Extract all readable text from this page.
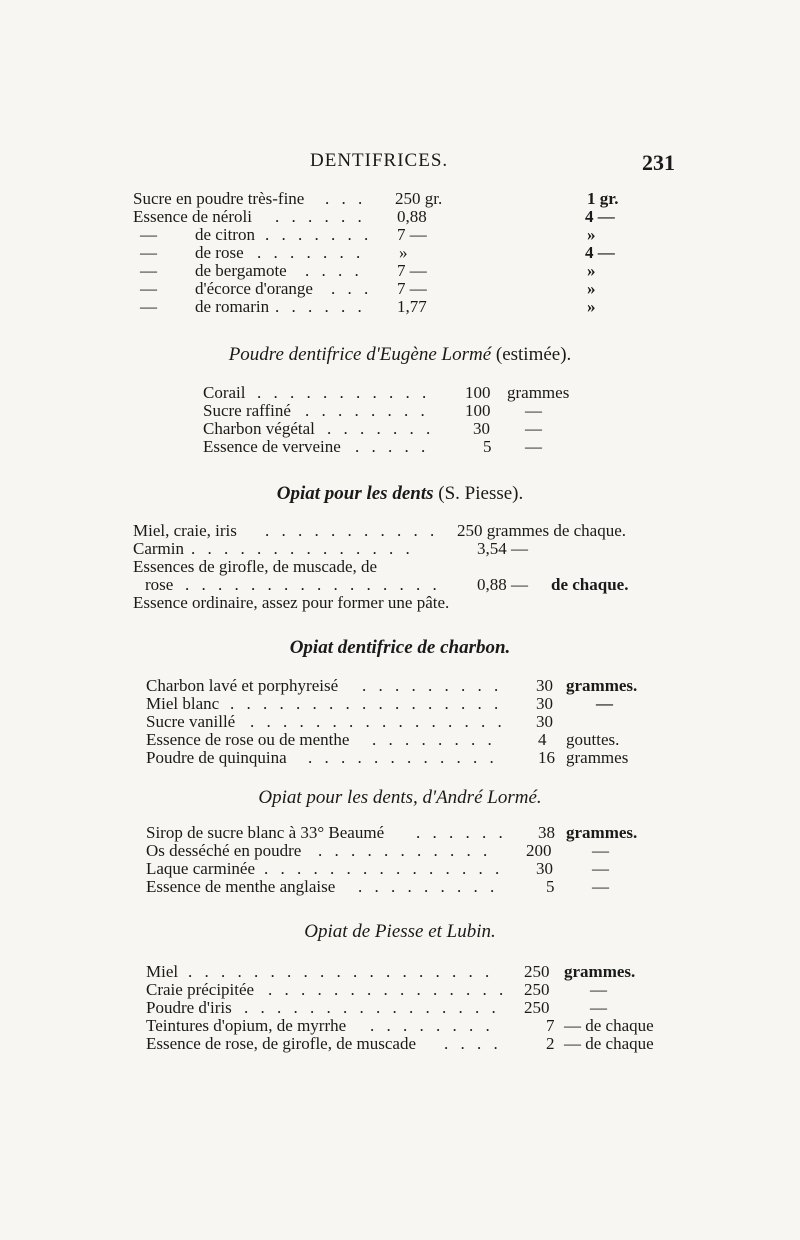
DENTIFRICES.	231
Sucre en poudre très-fine . . . 250 gr.	1 gr.
Essence de néroli . . . . . . 0,88	4 —
— de citron . . . . . . . 7 —	»
— de rose . . . . . . . »	4 —
— de bergamote . . . . 7 —	»
— d'écorce d'orange . . . 7 —	»
— de romarin . . . . . . 1,77	»
Poudre dentifrice d'Eugène Lormé (estimée).
Corail . . . . . . . . . . . 100 grammes
Sucre raffiné . . . . . . . . 100 —
Charbon végétal . . . . . . . 30 —
Essence de verveine . . . . .	5 —
Opiat pour les dents (S. Piesse).
Miel, craie, iris . . . . . . . . . . . 250 grammes de chaque.
Carmin . . . . . . . . . . . . . .	3,54 —
Essences de girofle, de muscade, de
rose . . . . . . . . . . . . . . . . 0,88 — de chaque.
Essence ordinaire, assez pour former une pâte.
Opiat dentifrice de charbon.
Charbon lavé et porphyreisé . . . . . . . . . 30 grammes.
Miel blanc . . . . . . . . . . . . . . . . . 30	—
Sucre vanillé . . . . . . . . . . . . . . . . 30
Essence de rose ou de menthe . . . . . . . . 4 gouttes.
Poudre de quinquina . . . . . . . . . . . . 16 grammes
Opiat pour les dents, d'André Lormé.
Sirop de sucre blanc à 33° Beaumé . . . . . . 38 grammes.
Os desséché en poudre . . . . . . . . . . . 200 —
Laque carminée . . . . . . . . . . . . . . . 30 —
Essence de menthe anglaise . . . . . . . . .	5 —
Opiat de Piesse et Lubin.
Miel . . . . . . . . . . . . . . . . . . . 250 grammes.
Craie précipitée . . . . . . . . . . . . . . . 250 —
Poudre d'iris . . . . . . . . . . . . . . . . 250 —
Teintures d'opium, de myrrhe . . . . . . . .	7 — de chaque
Essence de rose, de girofle, de muscade . . . .	2 — de chaque
